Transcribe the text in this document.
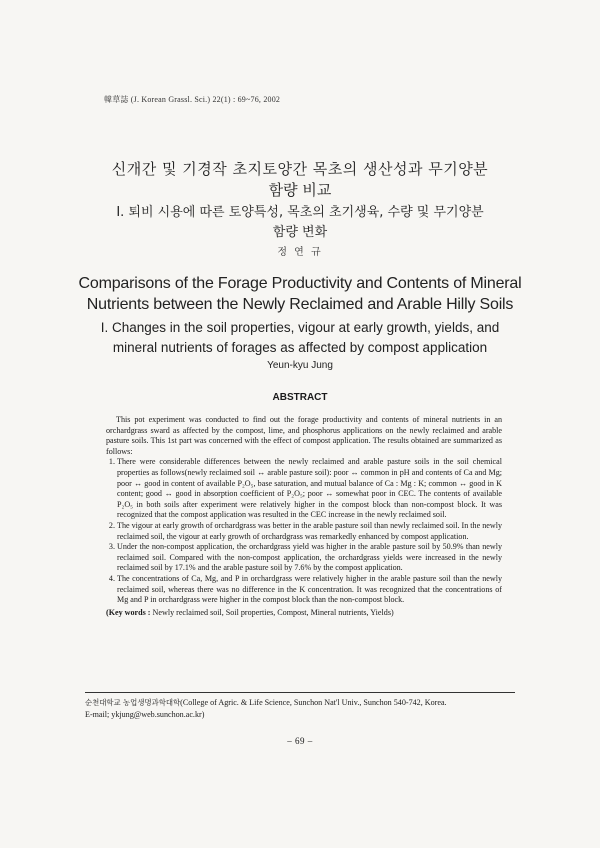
韓草誌 (J. Korean Grassl. Sci.) 22(1) : 69~76, 2002
신개간 및 기경작 초지토양간 목초의 생산성과 무기양분
함량 비교
I. 퇴비 시용에 따른 토양특성, 목초의 초기생육, 수량 및 무기양분
함량 변화
정 연 규
Comparisons of the Forage Productivity and Contents of Mineral
Nutrients between the Newly Reclaimed and Arable Hilly Soils
I. Changes in the soil properties, vigour at early growth, yields, and
mineral nutrients of forages as affected by compost application
Yeun-kyu Jung
ABSTRACT

This pot experiment was conducted to find out the forage productivity and contents of mineral nutrients in an orchardgrass sward as affected by the compost, lime, and phosphorus applications on the newly reclaimed and arable pasture soils. This 1st part was concerned with the effect of compost application. The results obtained are summarized as follows:

1. There were considerable differences between the newly reclaimed and arable pasture soils in the soil chemical properties as follows(newly reclaimed soil ↔ arable pasture soil): poor ↔ common in pH and contents of Ca and Mg; poor ↔ good in content of available P₂O₅, base saturation, and mutual balance of Ca : Mg : K; common ↔ good in K content; good ↔ good in absorption coefficient of P₂O₅; poor ↔ somewhat poor in CEC. The contents of available P₂O₅ in both soils after experiment were relatively higher in the compost block than non-compost block. It was recognized that the compost application was resulted in the CEC increase in the newly reclaimed soil.
2. The vigour at early growth of orchardgrass was better in the arable pasture soil than newly reclaimed soil. In the newly reclaimed soil, the vigour at early growth of orchardgrass was remarkedly enhanced by compost application.
3. Under the non-compost application, the orchardgrass yield was higher in the arable pasture soil by 50.9% than newly reclaimed soil. Compared with the non-compost application, the orchardgrass yields were increased in the newly reclaimed soil by 17.1% and the arable pasture soil by 7.6% by the compost application.
4. The concentrations of Ca, Mg, and P in orchardgrass were relatively higher in the arable pasture soil than the newly reclaimed soil, whereas there was no difference in the K concentration. It was recognized that the concentrations of Mg and P in orchardgrass were higher in the compost block than the non-compost block.
(Key words : Newly reclaimed soil, Soil properties, Compost, Mineral nutrients, Yields)
순천대학교 농업생명과학대학(College of Agric. & Life Science, Sunchon Nat'l Univ., Sunchon 540-742, Korea.
E-mail; ykjung@web.sunchon.ac.kr)
– 69 –
